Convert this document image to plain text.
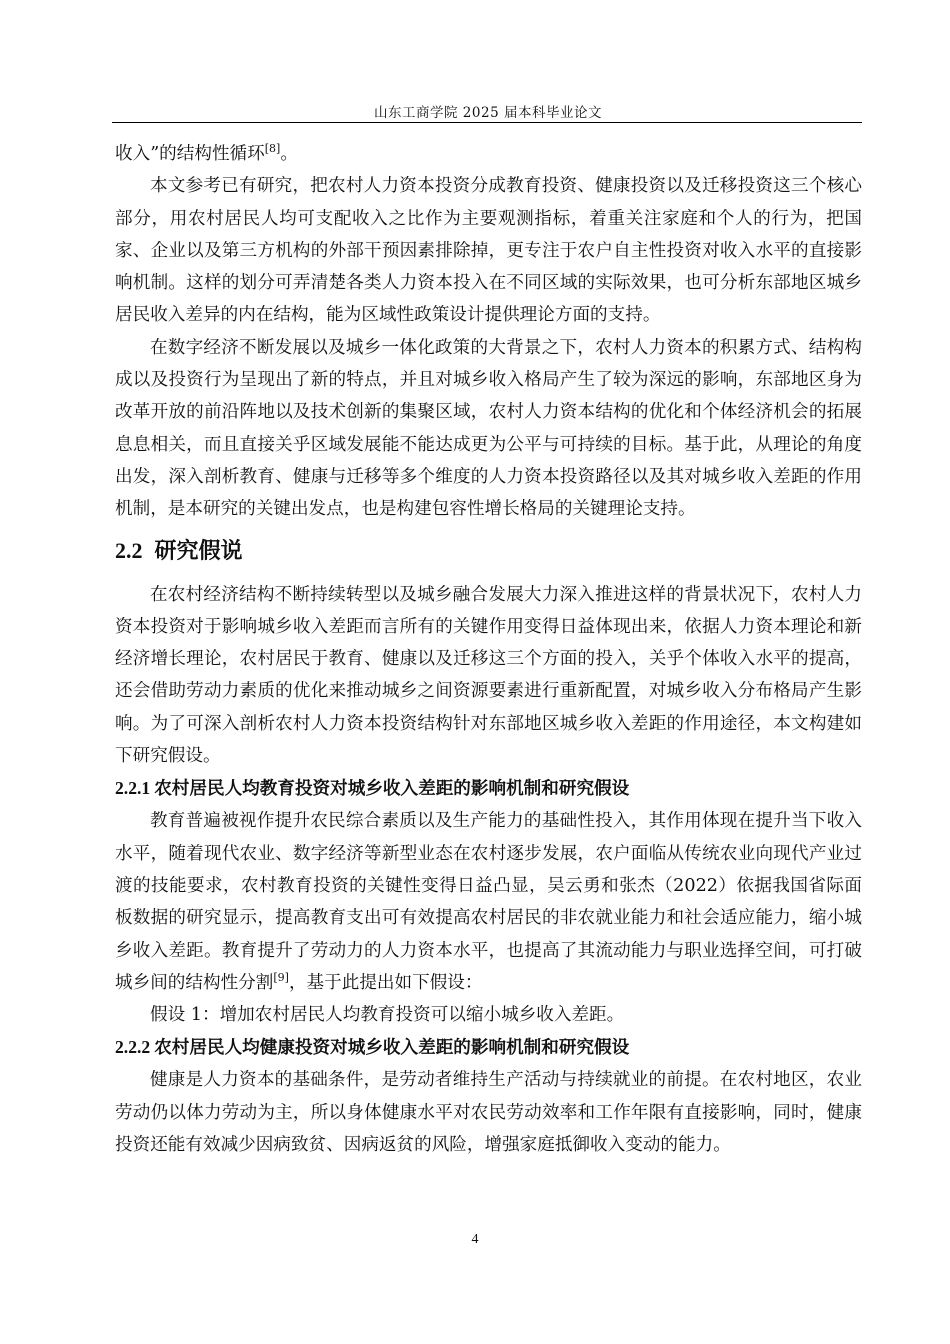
山东工商学院 2025 届本科毕业论文

收入”的结构性循环[8]。

本文参考已有研究，把农村人力资本投资分成教育投资、健康投资以及迁移投资这三个核心部分，用农村居民人均可支配收入之比作为主要观测指标，着重关注家庭和个人的行为，把国家、企业以及第三方机构的外部干预因素排除掉，更专注于农户自主性投资对收入水平的直接影响机制。这样的划分可弄清楚各类人力资本投入在不同区域的实际效果，也可分析东部地区城乡居民收入差异的内在结构，能为区域性政策设计提供理论方面的支持。

在数字经济不断发展以及城乡一体化政策的大背景之下，农村人力资本的积累方式、结构构成以及投资行为呈现出了新的特点，并且对城乡收入格局产生了较为深远的影响，东部地区身为改革开放的前沿阵地以及技术创新的集聚区域，农村人力资本结构的优化和个体经济机会的拓展息息相关，而且直接关乎区域发展能不能达成更为公平与可持续的目标。基于此，从理论的角度出发，深入剖析教育、健康与迁移等多个维度的人力资本投资路径以及其对城乡收入差距的作用机制，是本研究的关键出发点，也是构建包容性增长格局的关键理论支持。

2.2 研究假说

在农村经济结构不断持续转型以及城乡融合发展大力深入推进这样的背景状况下，农村人力资本投资对于影响城乡收入差距而言所有的关键作用变得日益体现出来，依据人力资本理论和新经济增长理论，农村居民于教育、健康以及迁移这三个方面的投入，关乎个体收入水平的提高，还会借助劳动力素质的优化来推动城乡之间资源要素进行重新配置，对城乡收入分布格局产生影响。为了可深入剖析农村人力资本投资结构针对东部地区城乡收入差距的作用途径，本文构建如下研究假设。

2.2.1 农村居民人均教育投资对城乡收入差距的影响机制和研究假设

教育普遍被视作提升农民综合素质以及生产能力的基础性投入，其作用体现在提升当下收入水平，随着现代农业、数字经济等新型业态在农村逐步发展，农户面临从传统农业向现代产业过渡的技能要求，农村教育投资的关键性变得日益凸显，吴云勇和张杰（2022）依据我国省际面板数据的研究显示，提高教育支出可有效提高农村居民的非农就业能力和社会适应能力，缩小城乡收入差距。教育提升了劳动力的人力资本水平，也提高了其流动能力与职业选择空间，可打破城乡间的结构性分割[9]，基于此提出如下假设：

假设 1：增加农村居民人均教育投资可以缩小城乡收入差距。

2.2.2 农村居民人均健康投资对城乡收入差距的影响机制和研究假设

健康是人力资本的基础条件，是劳动者维持生产活动与持续就业的前提。在农村地区，农业劳动仍以体力劳动为主，所以身体健康水平对农民劳动效率和工作年限有直接影响，同时，健康投资还能有效减少因病致贫、因病返贫的风险，增强家庭抵御收入变动的能力。

4
